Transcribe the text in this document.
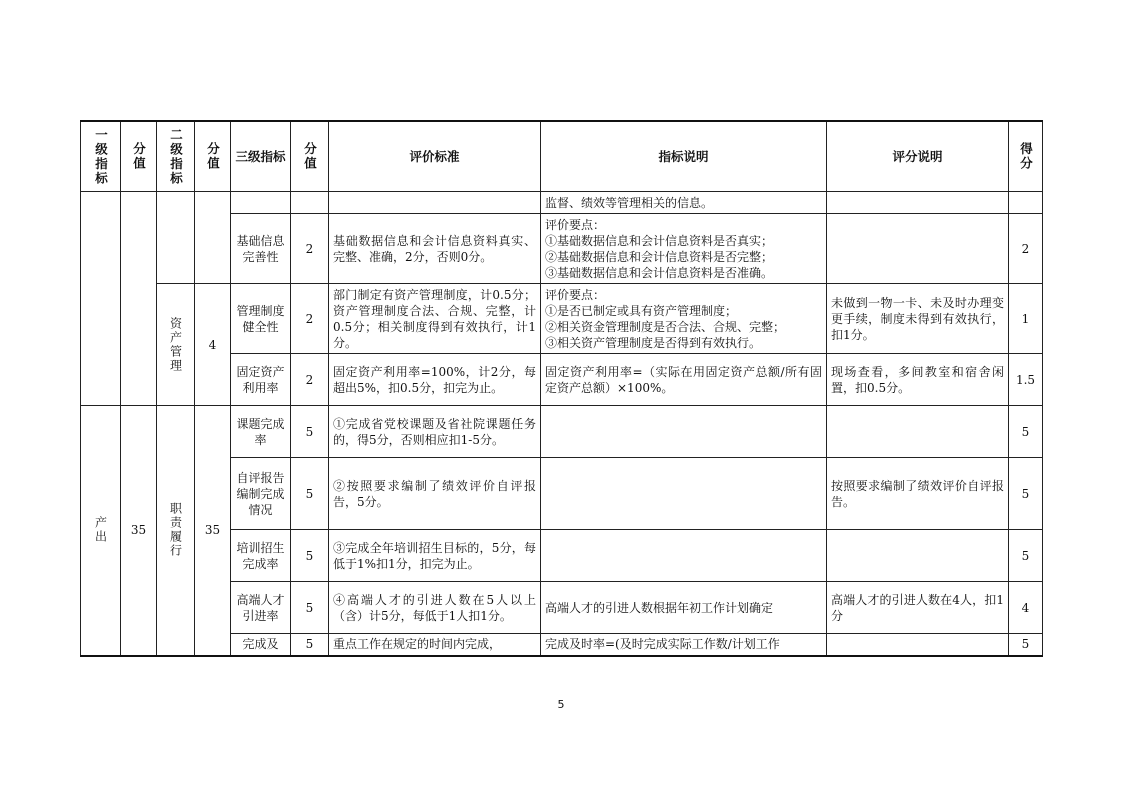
一级指标	分值	二级指标	分值	三级指标	分值	评价标准	指标说明	评分说明	得分

							监督、绩效等管理相关的信息。		
				基础信息完善性	2	基础数据信息和会计信息资料真实、完整、准确，2分，否则0分。	评价要点：
①基础数据信息和会计信息资料是否真实；
②基础数据信息和会计信息资料是否完整；
③基础数据信息和会计信息资料是否准确。		2

		资产管理	4	管理制度健全性	2	部门制定有资产管理制度，计0.5分；资产管理制度合法、合规、完整，计0.5分；相关制度得到有效执行，计1分。	评价要点：
①是否已制定或具有资产管理制度；
②相关资金管理制度是否合法、合规、完整；
③相关资产管理制度是否得到有效执行。	未做到一物一卡、未及时办理变更手续，制度未得到有效执行，扣1分。	1
				固定资产利用率	2	固定资产利用率=100%，计2分，每超出5%，扣0.5分，扣完为止。	固定资产利用率=（实际在用固定资产总额/所有固定资产总额）×100%。	现场查看，多间教室和宿舍闲置，扣0.5分。	1.5

产出	35	职责履行	35	课题完成率	5	①完成省党校课题及省社院课题任务的，得5分，否则相应扣1-5分。			5
				自评报告编制完成情况	5	②按照要求编制了绩效评价自评报告，5分。		按照要求编制了绩效评价自评报告。	5
				培训招生完成率	5	③完成全年培训招生目标的，5分，每低于1%扣1分，扣完为止。			5
				高端人才引进率	5	④高端人才的引进人数在5人以上（含）计5分，每低于1人扣1分。	高端人才的引进人数根据年初工作计划确定	高端人才的引进人数在4人，扣1分	4
				完成及	5	重点工作在规定的时间内完成，	完成及时率=(及时完成实际工作数/计划工作		5
5
